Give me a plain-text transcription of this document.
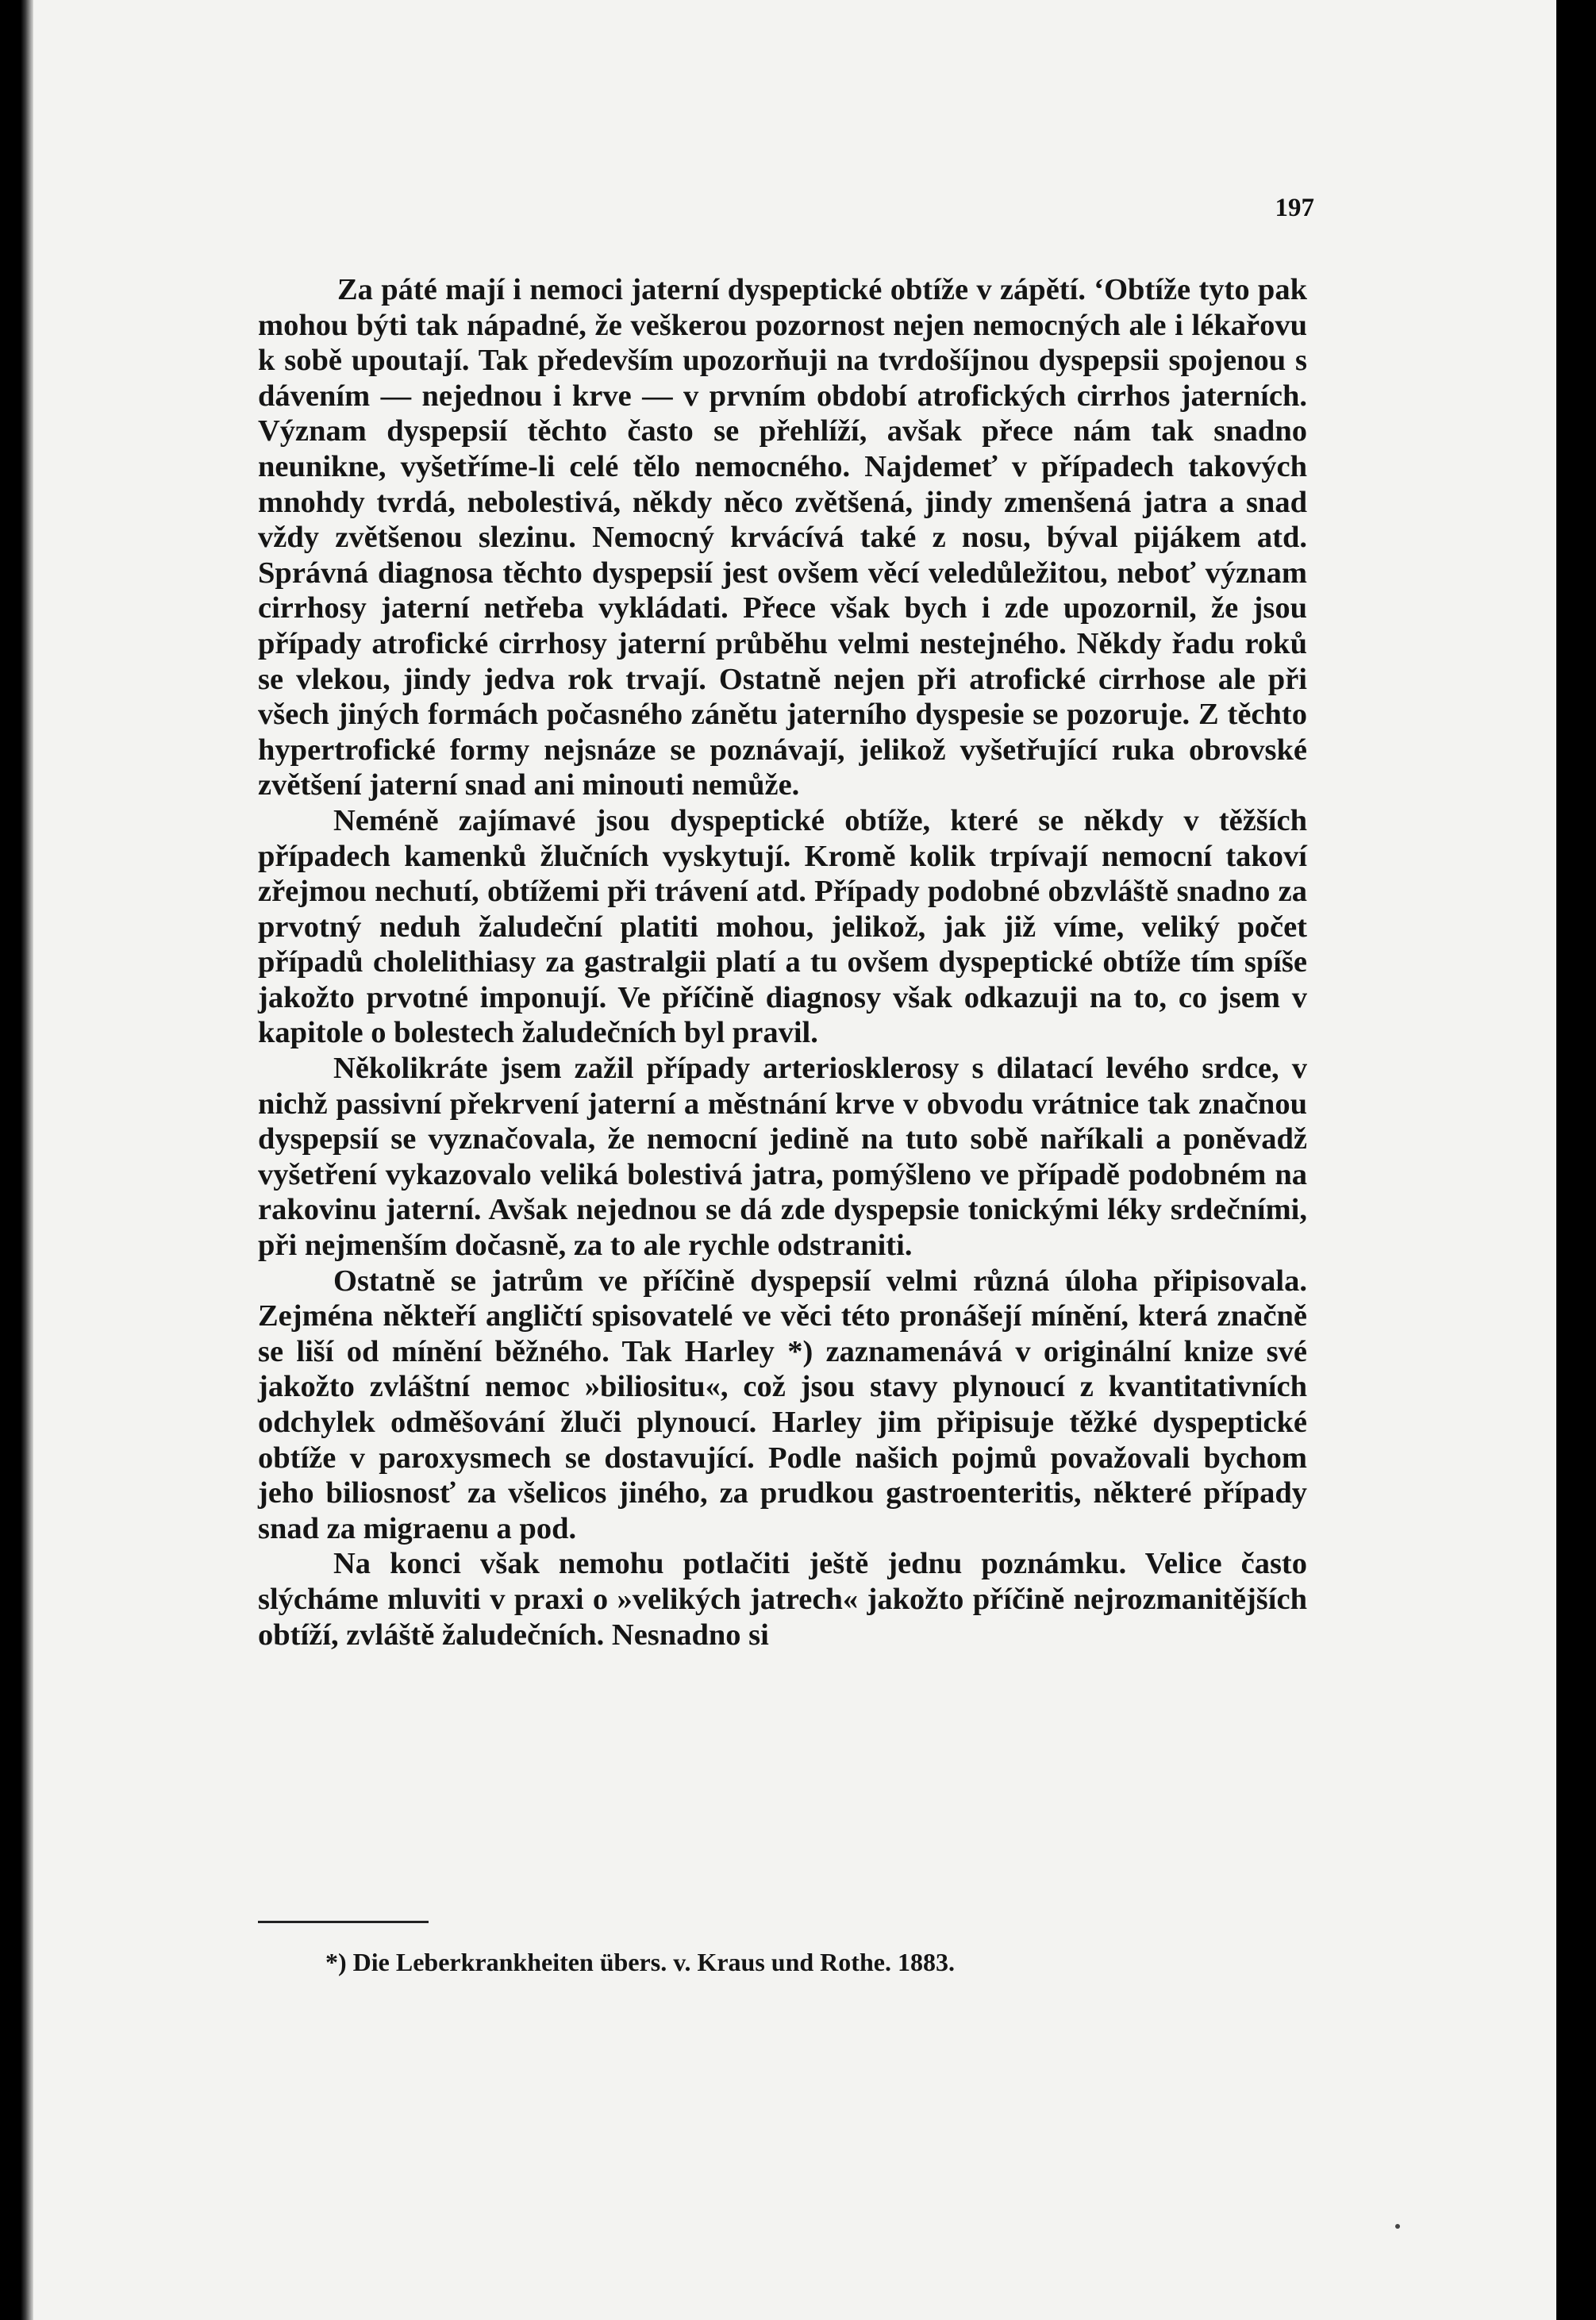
197

Za páté mají i nemoci jaterní dyspeptické obtíže v zápětí. ‘Obtíže tyto pak mohou býti tak nápadné, že veškerou pozornost nejen nemocných ale i lékařovu k sobě upoutají. Tak především upozorňuji na tvrdošíjnou dyspepsii spojenou s dávením — nejednou i krve — v prvním období atrofických cirrhos jaterních. Význam dyspepsií těchto často se přehlíží, avšak přece nám tak snadno neunikne, vyšetříme-li celé tělo nemocného. Najdemeť v případech takových mnohdy tvrdá, nebolestivá, někdy něco zvětšená, jindy zmenšená jatra a snad vždy zvětšenou slezinu. Nemocný krvácívá také z nosu, býval pijákem atd. Správná diagnosa těchto dyspepsií jest ovšem věcí veledůležitou, neboť význam cirrhosy jaterní netřeba vykládati. Přece však bych i zde upozornil, že jsou případy atrofické cirrhosy jaterní průběhu velmi nestejného. Někdy řadu roků se vlekou, jindy jedva rok trvají. Ostatně nejen při atrofické cirrhose ale při všech jiných formách počasného zánětu jaterního dyspesie se pozoruje. Z těchto hypertrofické formy nejsnáze se poznávají, jelikož vyšetřující ruka obrovské zvětšení jaterní snad ani minouti nemůže.

Neméně zajímavé jsou dyspeptické obtíže, které se někdy v těžších případech kamenků žlučních vyskytují. Kromě kolik trpívají nemocní takoví zřejmou nechutí, obtížemi při trávení atd. Případy podobné obzvláště snadno za prvotný neduh žaludeční platiti mohou, jelikož, jak již víme, veliký počet případů cholelithiasy za gastralgii platí a tu ovšem dyspeptické obtíže tím spíše jakožto prvotné imponují. Ve příčině diagnosy však odkazuji na to, co jsem v kapitole o bolestech žaludečních byl pravil.

Několikráte jsem zažil případy arteriosklerosy s dilatací levého srdce, v nichž passivní překrvení jaterní a městnání krve v obvodu vrátnice tak značnou dyspepsií se vyznačovala, že nemocní jedině na tuto sobě naříkali a poněvadž vyšetření vykazovalo veliká bolestivá jatra, pomýšleno ve případě podobném na rakovinu jaterní. Avšak nejednou se dá zde dyspepsie tonickými léky srdečními, při nejmenším dočasně, za to ale rychle odstraniti.

Ostatně se jatrům ve příčině dyspepsií velmi různá úloha připisovala. Zejména někteří angličtí spisovatelé ve věci této pronášejí mínění, která značně se liší od mínění běžného. Tak Harley *) zaznamenává v originální knize své jakožto zvláštní nemoc »biliositu«, což jsou stavy plynoucí z kvantitativních odchylek odměšování žluči plynoucí. Harley jim připisuje těžké dyspeptické obtíže v paroxysmech se dostavující. Podle našich pojmů považovali bychom jeho biliosnosť za všelicos jiného, za prudkou gastroenteritis, některé případy snad za migraenu a pod.

Na konci však nemohu potlačiti ještě jednu poznámku. Velice často slýcháme mluviti v praxi o »velikých jatrech« jakožto příčině nejrozmanitějších obtíží, zvláště žaludečních. Nesnadno si

*) Die Leberkrankheiten übers. v. Kraus und Rothe. 1883.
